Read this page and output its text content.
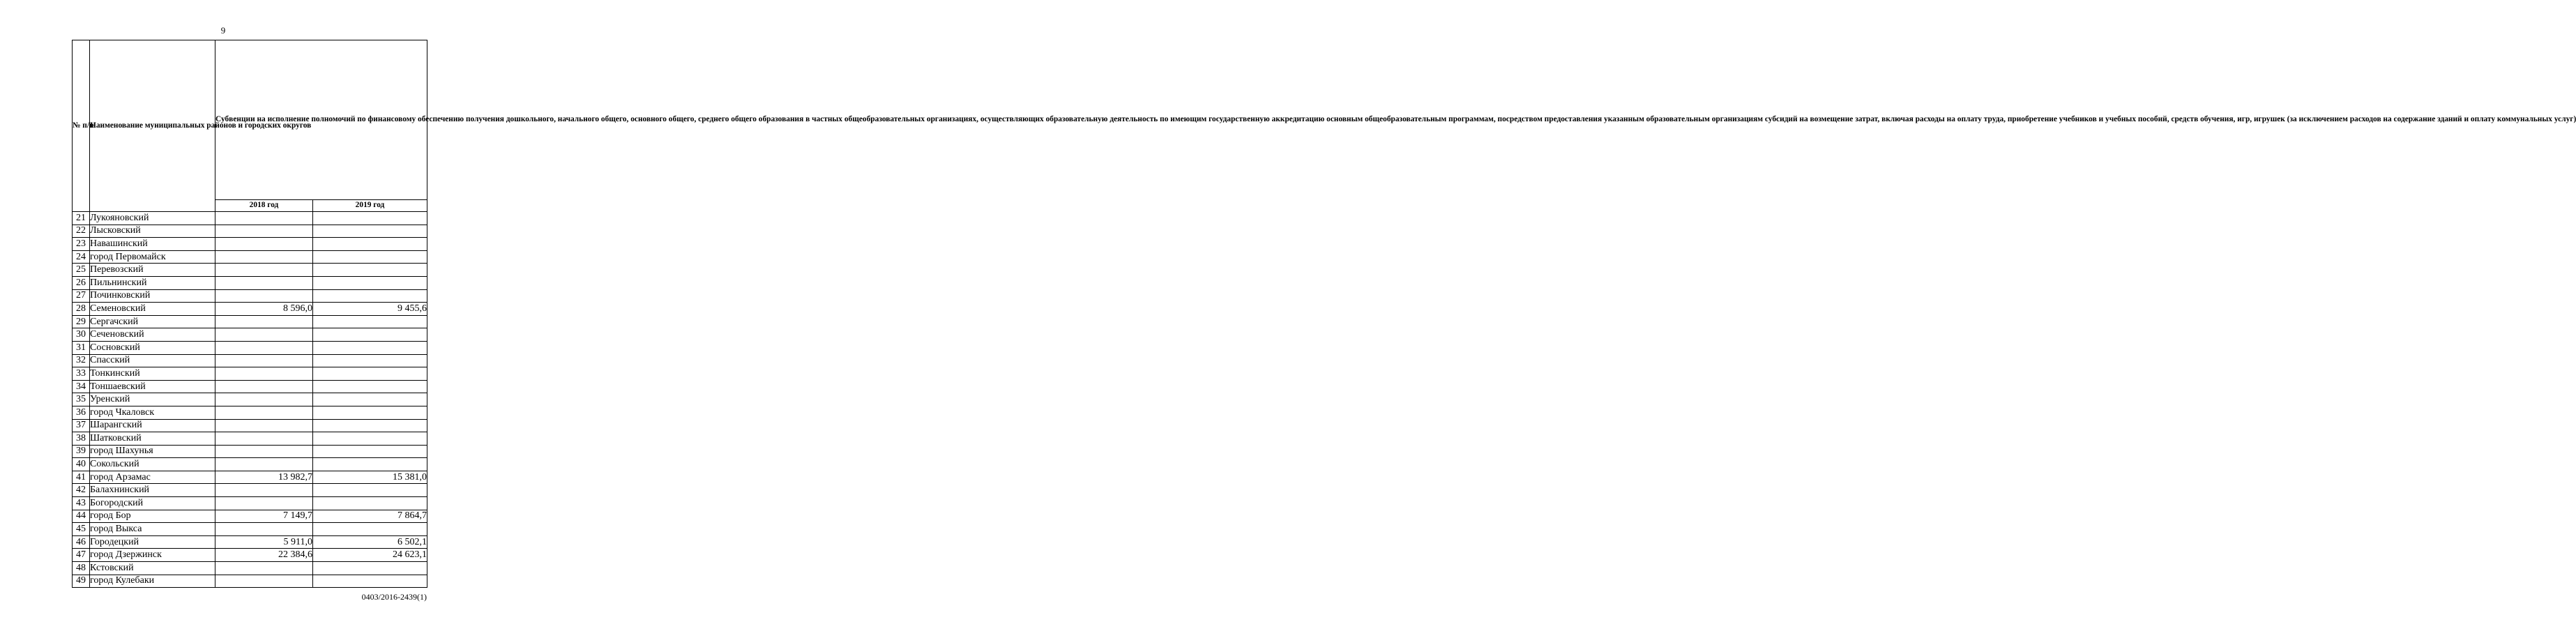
9
№ п/п	Наименование муниципальных районов и городских округов	Субвенции на исполнение полномочий по финансовому обеспечению получения дошкольного, начального общего, основного общего, среднего общего образования в частных общеобразовательных организациях, осуществляющих образовательную деятельность по имеющим государственную аккредитацию основным общеобразовательным программам, посредством предоставления указанным образовательным организациям субсидий на возмещение затрат, включая расходы на оплату труда, приобретение учебников и учебных пособий, средств обучения, игр, игрушек (за исключением расходов на содержание зданий и оплату коммунальных услуг)	
		2018 год	2019 год
21	Лукояновский		
22	Лысковский		
23	Навашинский		
24	город Первомайск		
25	Перевозский		
26	Пильнинский		
27	Починковский		
28	Семеновский	8 596,0	9 455,6
29	Сергачский		
30	Сеченовский		
31	Сосновский		
32	Спасский		
33	Тонкинский		
34	Тоншаевский		
35	Уренский		
36	город Чкаловск		
37	Шарангский		
38	Шатковский		
39	город Шахунья		
40	Сокольский		
41	город Арзамас	13 982,7	15 381,0
42	Балахнинский		
43	Богородский		
44	город Бор	7 149,7	7 864,7
45	город Выкса		
46	Городецкий	5 911,0	6 502,1
47	город Дзержинск	22 384,6	24 623,1
48	Кстовский		
49	город Кулебаки		
0403/2016-2439(1)
